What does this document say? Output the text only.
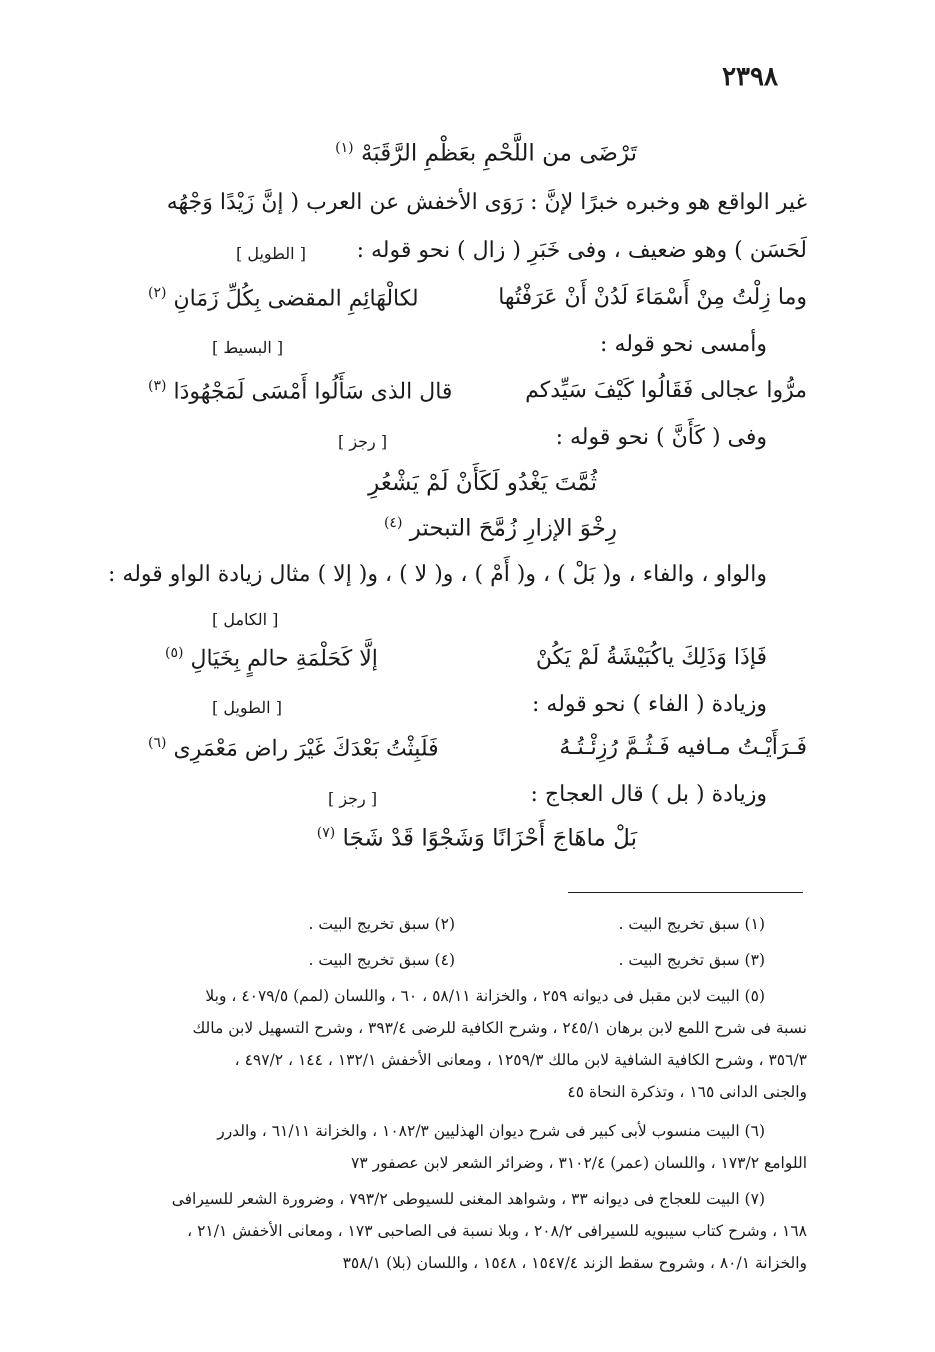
٢٣٩٨
تَرْضَى من اللَّحْمِ بعَظْمِ الرَّقَبَهْ $^{(١)}$
غير الواقع هو وخبره خبرًا لإنَّ : رَوَى الأخفش عن العرب ( إنَّ زَيْدًا وَجْهُه
لَحَسَن ) وهو ضعيف ، وفى خَبَرِ ( زال ) نحو قوله :
[ الطويل ]
وما زِلْتُ مِنْ أَسْمَاءَ لَدُنْ أَنْ عَرَفْتُها
لكالْهَائِمِ المقضى بِكُلِّ زَمَانِ $^{(٢)}$
وأمسى نحو قوله :
[ البسيط ]
مرُّوا عجالى فَقَالُوا كَيْفَ سَيِّدكم
قال الذى سَأَلُوا أَمْسَى لَمَجْهُودَا $^{(٣)}$
وفى ( كَأَنَّ ) نحو قوله :
[ رجز ]
ثُمَّتَ يَغْدُو لَكَأَنْ لَمْ يَشْعُرِ
رِخْوَ الإزارِ زُمَّحَ التبحتر $^{(٤)}$
والواو ، والفاء ، و( بَلْ ) ، و( أَمْ ) ، و( لا ) ، و( إلا ) مثال زيادة الواو قوله :
[ الكامل ]
فَإذَا وَذَلِكَ ياكُبَيْشَةُ لَمْ يَكُنْ
إلَّا كَحَلْمَةِ حالمٍ بِخَيَالِ $^{(٥)}$
وزيادة ( الفاء ) نحو قوله :
[ الطويل ]
فَـرَأَيْـتُ مـافيه فَـثُـمَّ رُزِئْـتُـهُ
فَلَبِثْتُ بَعْدَكَ غَيْرَ راض مَعْمَرِى $^{(٦)}$
وزيادة ( بل ) قال العجاج :
[ رجز ]
بَلْ ماهَاجَ أَحْزَانًا وَشَجْوًا قَدْ شَجَا $^{(٧)}$
(١) سبق تخريج البيت .
(٢) سبق تخريج البيت .
(٣) سبق تخريج البيت .
(٤) سبق تخريج البيت .
(٥) البيت لابن مقبل فى ديوانه ٢٥٩ ، والخزانة ٥٨/١١ ، ٦٠ ، واللسان (لمم) ٤٠٧٩/٥ ، وبلا
نسبة فى شرح اللمع لابن برهان ٢٤٥/١ ، وشرح الكافية للرضى ٣٩٣/٤ ، وشرح التسهيل لابن مالك
٣٥٦/٣ ، وشرح الكافية الشافية لابن مالك ١٢٥٩/٣ ، ومعانى الأخفش ١٣٢/١ ، ١٤٤ ، ٤٩٧/٢ ،
والجنى الدانى ١٦٥ ، وتذكرة النحاة ٤٥
(٦) البيت منسوب لأبى كبير فى شرح ديوان الهذليين ١٠٨٢/٣ ، والخزانة ٦١/١١ ، والدرر
اللوامع ١٧٣/٢ ، واللسان (عمر) ٣١٠٢/٤ ، وضرائر الشعر لابن عصفور ٧٣
(٧) البيت للعجاج فى ديوانه ٣٣ ، وشواهد المغنى للسيوطى ٧٩٣/٢ ، وضرورة الشعر للسيرافى
١٦٨ ، وشرح كتاب سيبويه للسيرافى ٢٠٨/٢ ، وبلا نسبة فى الصاحبى ١٧٣ ، ومعانى الأخفش ٢١/١ ،
والخزانة ٨٠/١ ، وشروح سقط الزند ١٥٤٧/٤ ، ١٥٤٨ ، واللسان (بلا) ٣٥٨/١
